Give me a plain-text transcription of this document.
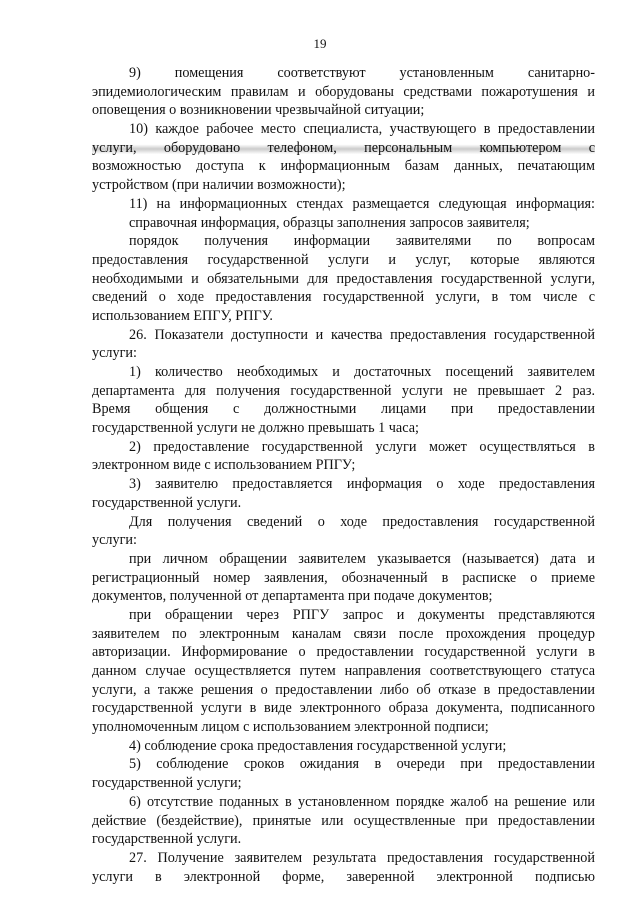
19
9) помещения соответствуют установленным санитарно-
эпидемиологическим правилам и оборудованы средствами пожаротушения и
оповещения о возникновении чрезвычайной ситуации;
10) каждое рабочее место специалиста, участвующего в предоставлении
услуги, оборудовано телефоном, персональным компьютером с
возможностью доступа к информационным базам данных, печатающим
устройством (при наличии возможности);
11) на информационных стендах размещается следующая информация:
справочная информация, образцы заполнения запросов заявителя;
порядок получения информации заявителями по вопросам
предоставления государственной услуги и услуг, которые являются
необходимыми и обязательными для предоставления государственной услуги,
сведений о ходе предоставления государственной услуги, в том числе с
использованием ЕПГУ, РПГУ.
26. Показатели доступности и качества предоставления государственной
услуги:
1) количество необходимых и достаточных посещений заявителем
департамента для получения государственной услуги не превышает 2 раз.
Время общения с должностными лицами при предоставлении
государственной услуги не должно превышать 1 часа;
2) предоставление государственной услуги может осуществляться в
электронном виде с использованием РПГУ;
3) заявителю предоставляется информация о ходе предоставления
государственной услуги.
Для получения сведений о ходе предоставления государственной
услуги:
при личном обращении заявителем указывается (называется) дата и
регистрационный номер заявления, обозначенный в расписке о приеме
документов, полученной от департамента при подаче документов;
при обращении через РПГУ запрос и документы представляются
заявителем по электронным каналам связи после прохождения процедур
авторизации. Информирование о предоставлении государственной услуги в
данном случае осуществляется путем направления соответствующего статуса
услуги, а также решения о предоставлении либо об отказе в предоставлении
государственной услуги в виде электронного образа документа, подписанного
уполномоченным лицом с использованием электронной подписи;
4) соблюдение срока предоставления государственной услуги;
5) соблюдение сроков ожидания в очереди при предоставлении
государственной услуги;
6) отсутствие поданных в установленном порядке жалоб на решение или
действие (бездействие), принятые или осуществленные при предоставлении
государственной услуги.
27. Получение заявителем результата предоставления государственной
услуги в электронной форме, заверенной электронной подписью
